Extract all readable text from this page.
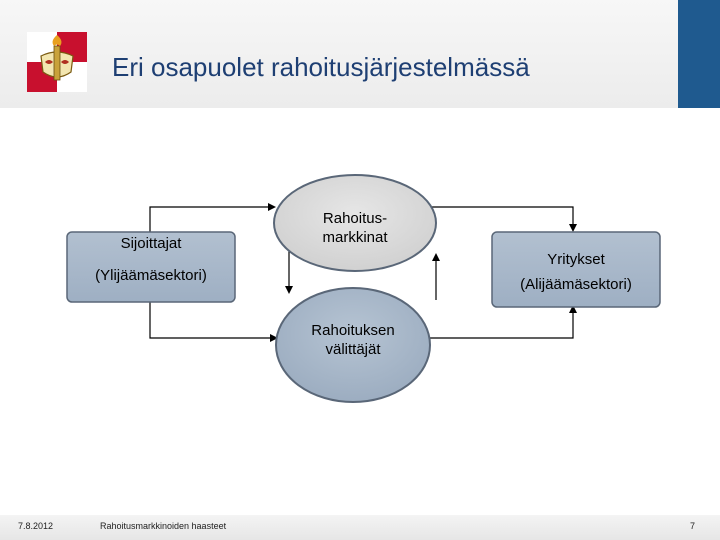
Eri osapuolet rahoitusjärjestelmässä
Rahoitus-
markkinat
Sijoittajat
(Ylijäämäsektori)
Yritykset
(Alijäämäsektori)
Rahoituksen
välittäjät
7.8.2012	Rahoitusmarkkinoiden haasteet	7
